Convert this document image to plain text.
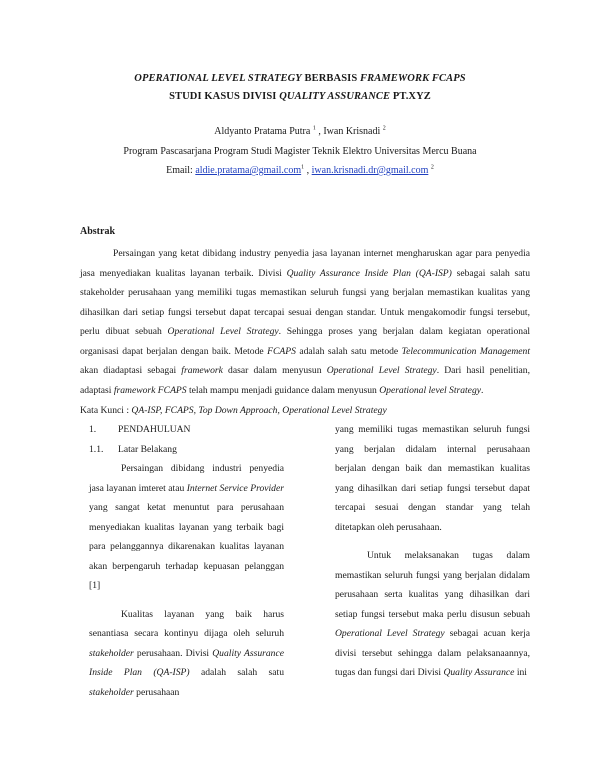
OPERATIONAL LEVEL STRATEGY BERBASIS FRAMEWORK FCAPS
STUDI KASUS DIVISI QUALITY ASSURANCE PT.XYZ
Aldyanto Pratama Putra $^1$ , Iwan Krisnadi $^2$
Program Pascasarjana Program Studi Magister Teknik Elektro Universitas Mercu Buana
Email: aldie.pratama@gmail.com$^1$ , iwan.krisnadi.dr@gmail.com $^2$
Abstrak

Persaingan yang ketat dibidang industry penyedia jasa layanan internet mengharuskan agar para penyedia jasa menyediakan kualitas layanan terbaik. Divisi Quality Assurance Inside Plan (QA-ISP) sebagai salah satu stakeholder perusahaan yang memiliki tugas memastikan seluruh fungsi yang berjalan memastikan kualitas yang dihasilkan dari setiap fungsi tersebut dapat tercapai sesuai dengan standar. Untuk mengakomodir fungsi tersebut, perlu dibuat sebuah Operational Level Strategy. Sehingga proses yang berjalan dalam kegiatan operational organisasi dapat berjalan dengan baik. Metode FCAPS adalah salah satu metode Telecommunication Management akan diadaptasi sebagai framework dasar dalam menyusun Operational Level Strategy. Dari hasil penelitian, adaptasi framework FCAPS telah mampu menjadi guidance dalam menyusun Operational level Strategy.

Kata Kunci : QA-ISP, FCAPS, Top Down Approach, Operational Level Strategy
1.	PENDAHULUAN
1.1.	Latar Belakang

Persaingan dibidang industri penyedia jasa layanan imteret atau Internet Service Provider yang sangat ketat menuntut para perusahaan menyediakan kualitas layanan yang terbaik bagi para pelanggannya dikarenakan kualitas layanan akan berpengaruh terhadap kepuasan pelanggan [1]

Kualitas layanan yang baik harus senantiasa secara kontinyu dijaga oleh seluruh stakeholder perusahaan. Divisi Quality Assurance Inside Plan (QA-ISP) adalah salah satu stakeholder perusahaan

yang memiliki tugas memastikan seluruh fungsi yang berjalan didalam internal perusahaan berjalan dengan baik dan memastikan kualitas yang dihasilkan dari setiap fungsi tersebut dapat tercapai sesuai dengan standar yang telah ditetapkan oleh perusahaan.

Untuk melaksanakan tugas dalam memastikan seluruh fungsi yang berjalan didalam perusahaan serta kualitas yang dihasilkan dari setiap fungsi tersebut maka perlu disusun sebuah Operational Level Strategy sebagai acuan kerja divisi tersebut sehingga dalam pelaksanaannya, tugas dan fungsi dari Divisi Quality Assurance ini
